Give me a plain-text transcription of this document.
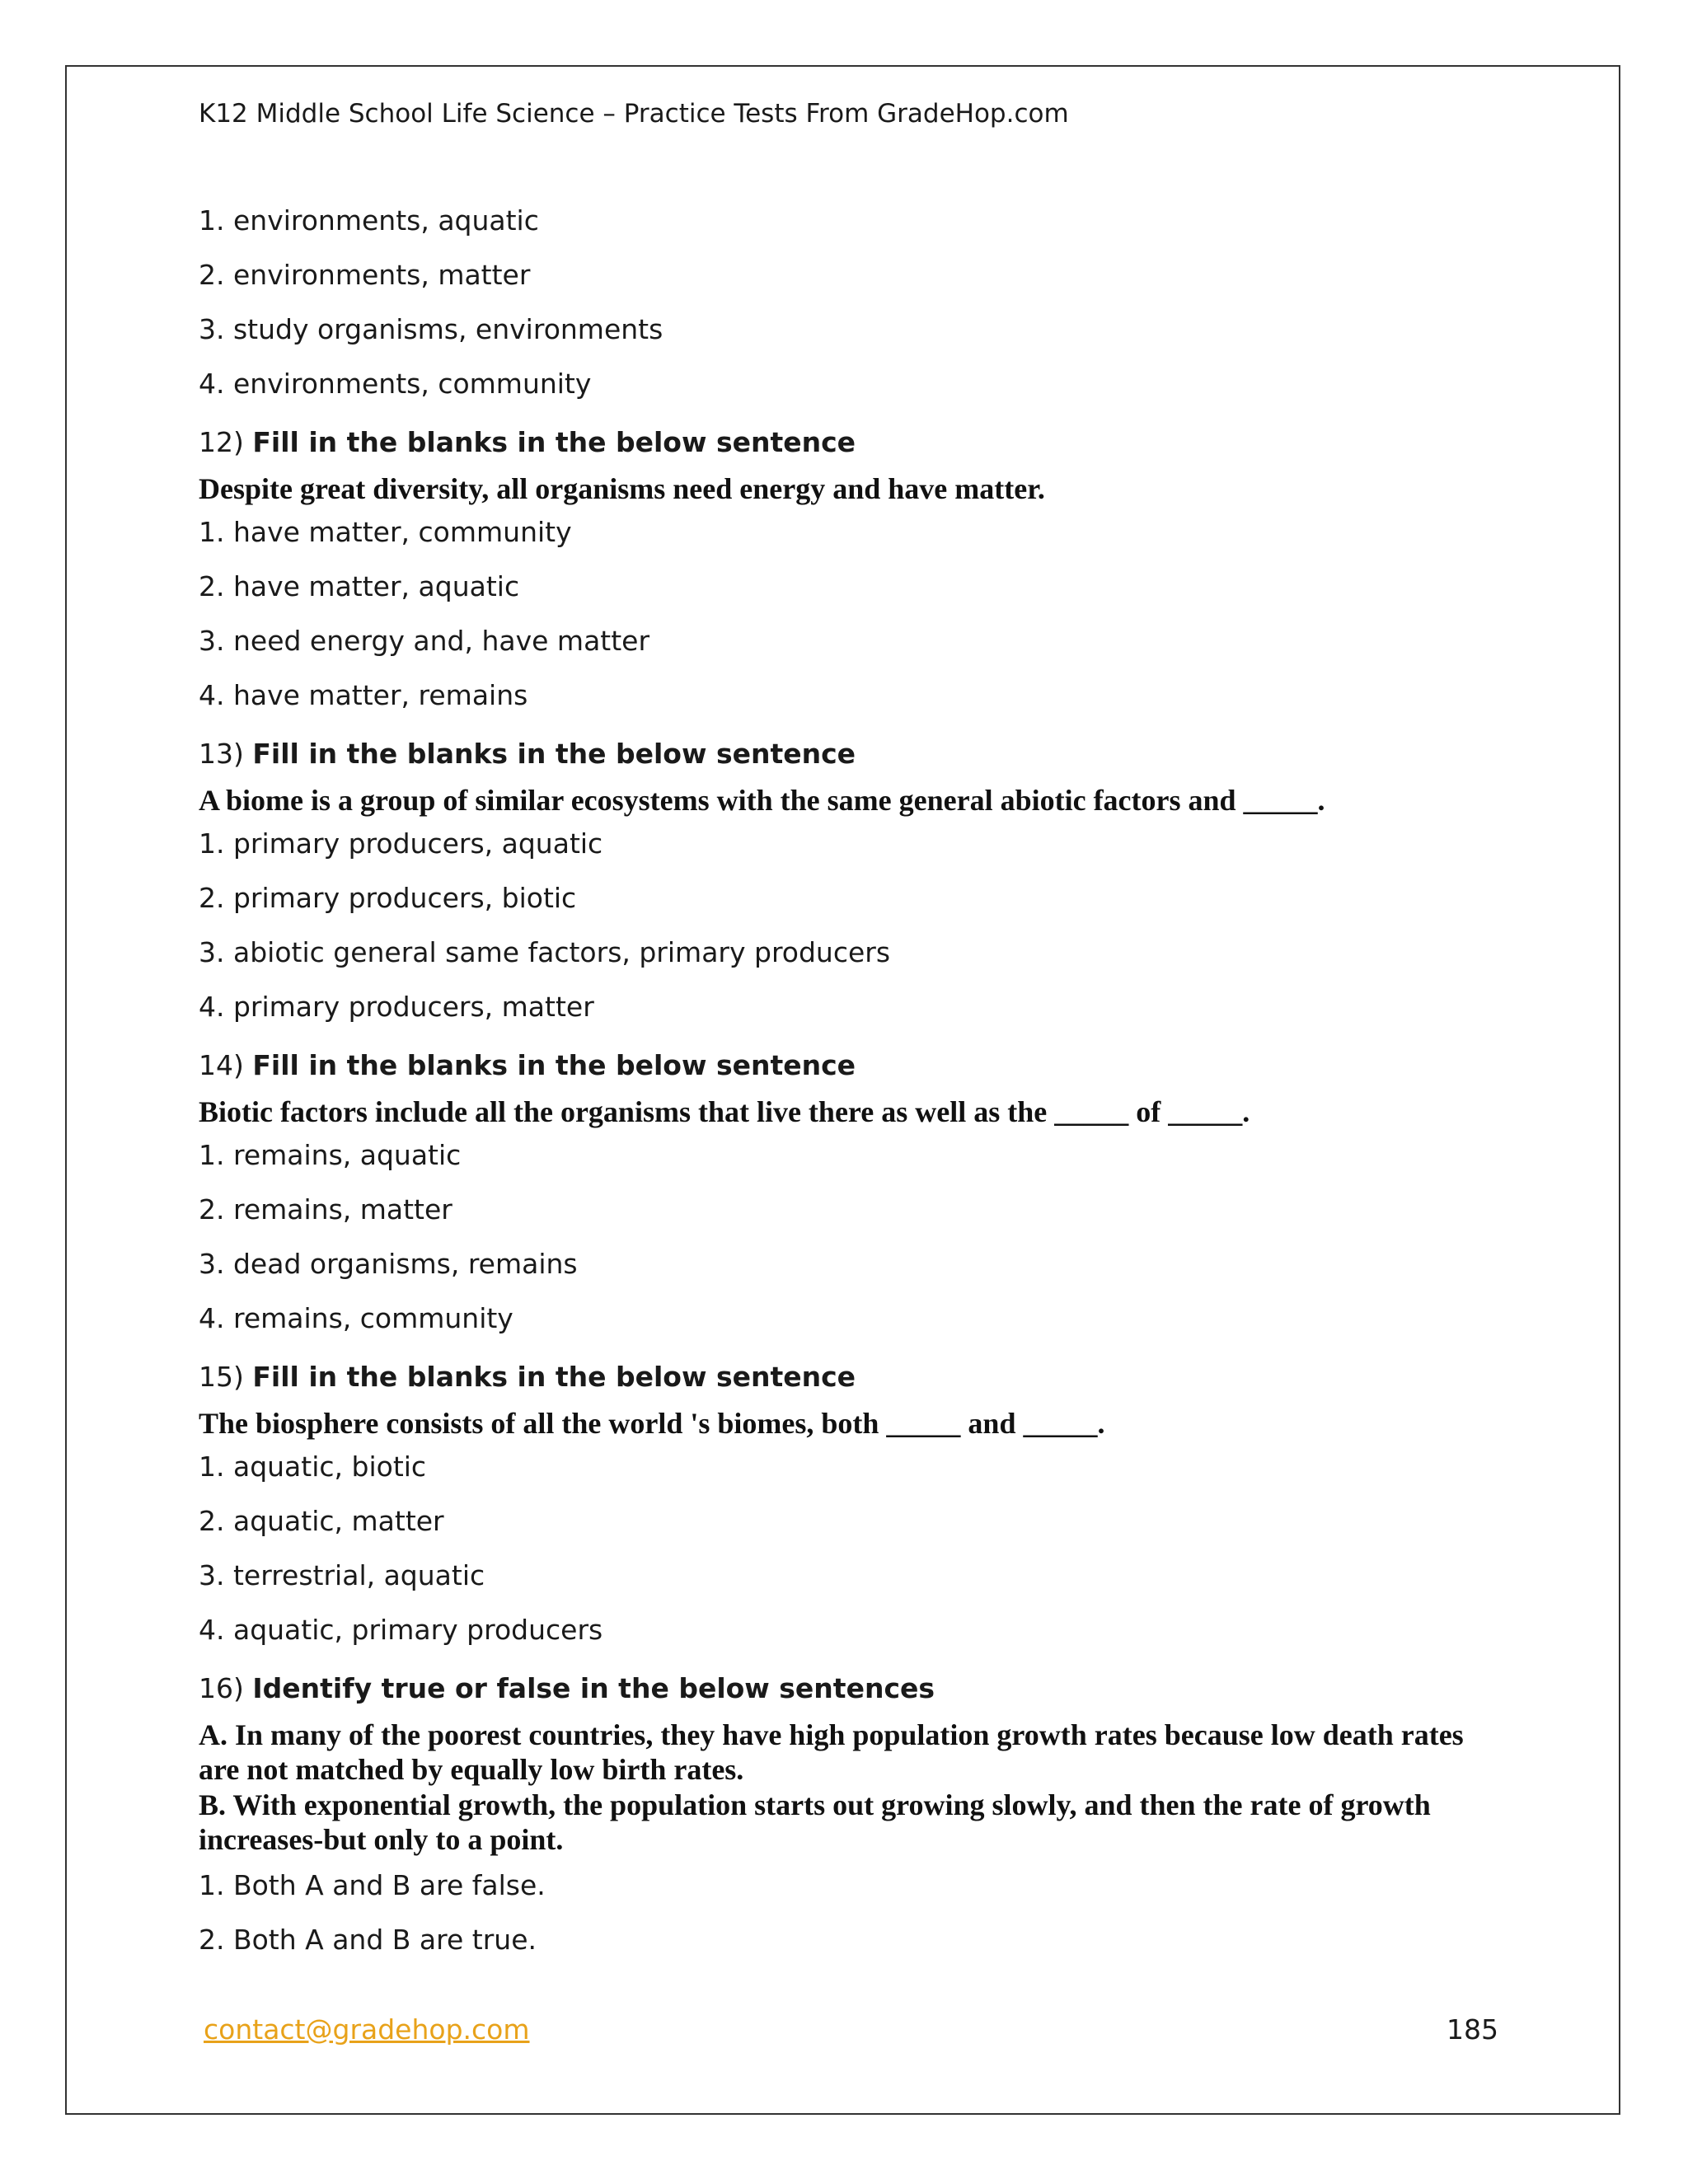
K12 Middle School Life Science – Practice Tests From GradeHop.com
1. environments, aquatic
2. environments, matter
3. study organisms, environments
4. environments, community
12) Fill in the blanks in the below sentence
Despite great diversity, all organisms need energy and have matter.
1. have matter, community
2. have matter, aquatic
3. need energy and, have matter
4. have matter, remains
13) Fill in the blanks in the below sentence
A biome is a group of similar ecosystems with the same general abiotic factors and _____.
1. primary producers, aquatic
2. primary producers, biotic
3. abiotic general same factors, primary producers
4. primary producers, matter
14) Fill in the blanks in the below sentence
Biotic factors include all the organisms that live there as well as the _____ of _____.
1. remains, aquatic
2. remains, matter
3. dead organisms, remains
4. remains, community
15) Fill in the blanks in the below sentence
The biosphere consists of all the world 's biomes, both _____ and _____.
1. aquatic, biotic
2. aquatic, matter
3. terrestrial, aquatic
4. aquatic, primary producers
16) Identify true or false in the below sentences
A. In many of the poorest countries, they have high population growth rates because low death rates are not matched by equally low birth rates.
B. With exponential growth, the population starts out growing slowly, and then the rate of growth increases-but only to a point.
1. Both A and B are false.
2. Both A and B are true.
contact@gradehop.com	185
